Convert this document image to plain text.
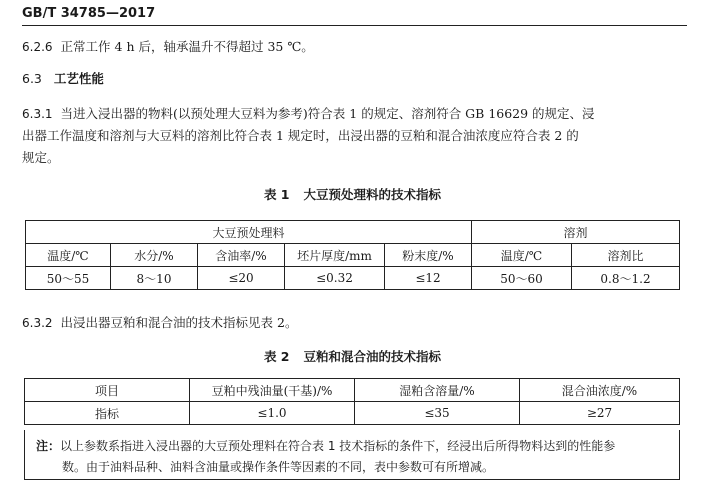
GB/T 34785—2017
6.2.6 正常工作 4 h 后，轴承温升不得超过 35 ℃。
6.3 工艺性能
6.3.1 当进入浸出器的物料(以预处理大豆料为参考)符合表 1 的规定、溶剂符合 GB 16629 的规定、浸
出器工作温度和溶剂与大豆料的溶剂比符合表 1 规定时，出浸出器的豆粕和混合油浓度应符合表 2 的
规定。
表 1 大豆预处理料的技术指标
大豆预处理料					溶剂	
温度/℃	水分/%	含油率/%	坯片厚度/mm	粉末度/%	温度/℃	溶剂比
50～55	8～10	≤20	≤0.32	≤12	50～60	0.8～1.2
6.3.2 出浸出器豆粕和混合油的技术指标见表 2。
表 2 豆粕和混合油的技术指标
项目	豆粕中残油量(干基)/%	湿粕含溶量/%	混合油浓度/%
指标	≤1.0	≤35	≥27
注：以上参数系指进入浸出器的大豆预处理料在符合表 1 技术指标的条件下，经浸出后所得物料达到的性能参
数。由于油料品种、油料含油量或操作条件等因素的不同，表中参数可有所增减。
